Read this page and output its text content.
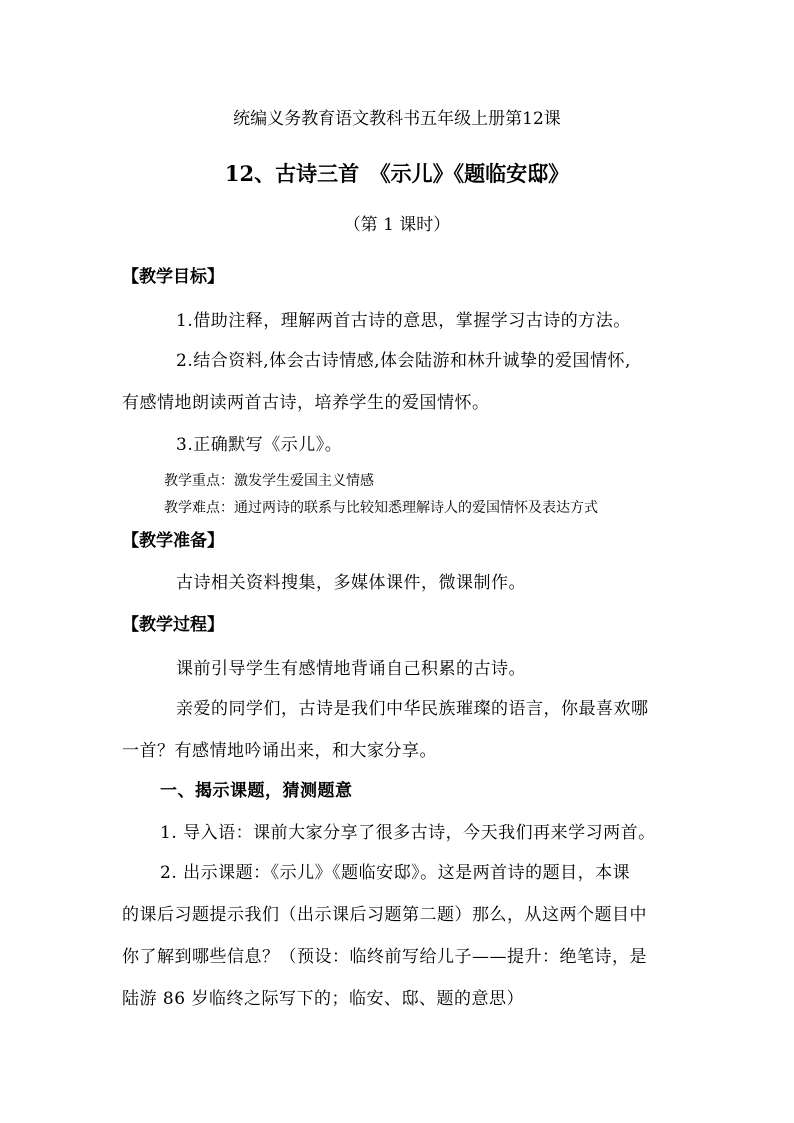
统编义务教育语文教科书五年级上册第12课
12、古诗三首　《示儿》《题临安邸》
（第 1 课时）
【教学目标】
1.借助注释，理解两首古诗的意思，掌握学习古诗的方法。
2.结合资料,体会古诗情感,体会陆游和林升诚挚的爱国情怀,
有感情地朗读两首古诗，培养学生的爱国情怀。
3.正确默写《示儿》。
教学重点：激发学生爱国主义情感
教学难点：通过两诗的联系与比较知悉理解诗人的爱国情怀及表达方式
【教学准备】
古诗相关资料搜集，多媒体课件，微课制作。
【教学过程】
课前引导学生有感情地背诵自己积累的古诗。
亲爱的同学们，古诗是我们中华民族璀璨的语言，你最喜欢哪
一首？有感情地吟诵出来，和大家分享。
一、揭示课题，猜测题意
1. 导入语：课前大家分享了很多古诗，今天我们再来学习两首。
2. 出示课题：《示儿》《题临安邸》。这是两首诗的题目，本课
的课后习题提示我们（出示课后习题第二题）那么，从这两个题目中
你了解到哪些信息？（预设：临终前写给儿子——提升：绝笔诗，是
陆游 86 岁临终之际写下的；临安、邸、题的意思）
